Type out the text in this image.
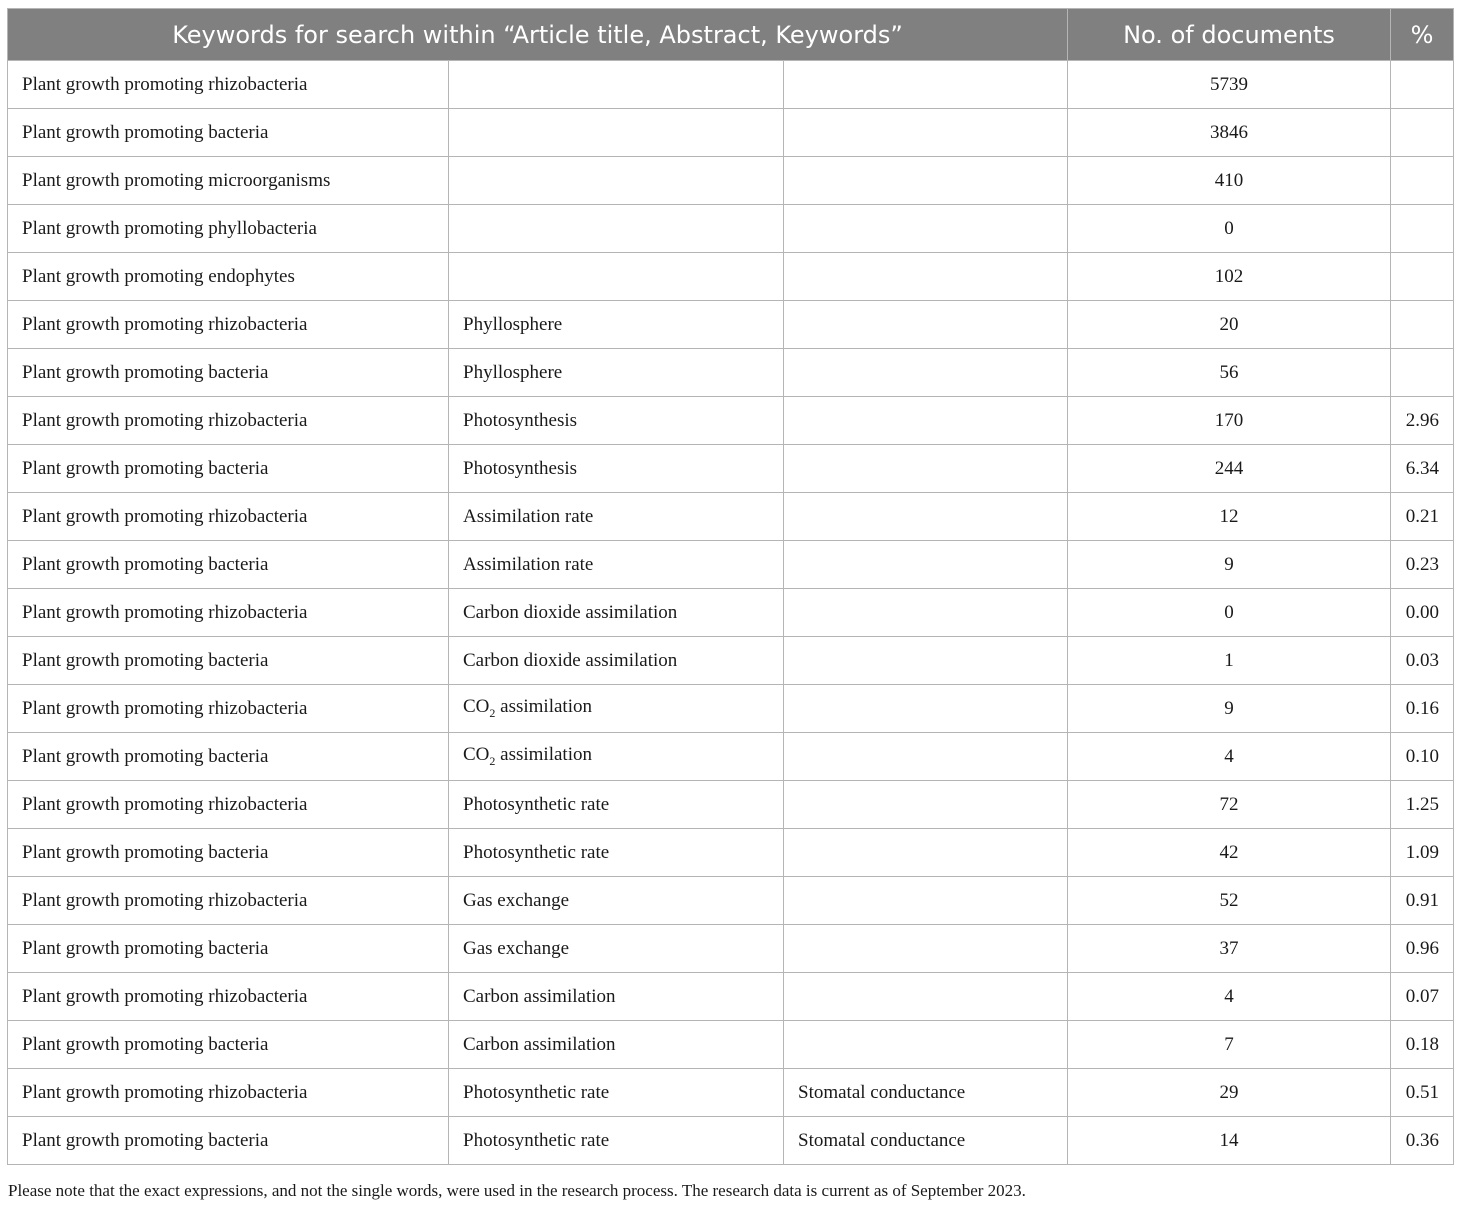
Keywords for search within “Article title, Abstract, Keywords”			No. of documents	%
Plant growth promoting rhizobacteria			5739	
Plant growth promoting bacteria			3846	
Plant growth promoting microorganisms			410	
Plant growth promoting phyllobacteria			0	
Plant growth promoting endophytes			102	
Plant growth promoting rhizobacteria	Phyllosphere		20	
Plant growth promoting bacteria	Phyllosphere		56	
Plant growth promoting rhizobacteria	Photosynthesis		170	2.96
Plant growth promoting bacteria	Photosynthesis		244	6.34
Plant growth promoting rhizobacteria	Assimilation rate		12	0.21
Plant growth promoting bacteria	Assimilation rate		9	0.23
Plant growth promoting rhizobacteria	Carbon dioxide assimilation		0	0.00
Plant growth promoting bacteria	Carbon dioxide assimilation		1	0.03
Plant growth promoting rhizobacteria	$CO_2$ assimilation		9	0.16
Plant growth promoting bacteria	$CO_2$ assimilation		4	0.10
Plant growth promoting rhizobacteria	Photosynthetic rate		72	1.25
Plant growth promoting bacteria	Photosynthetic rate		42	1.09
Plant growth promoting rhizobacteria	Gas exchange		52	0.91
Plant growth promoting bacteria	Gas exchange		37	0.96
Plant growth promoting rhizobacteria	Carbon assimilation		4	0.07
Plant growth promoting bacteria	Carbon assimilation		7	0.18
Plant growth promoting rhizobacteria	Photosynthetic rate	Stomatal conductance	29	0.51
Plant growth promoting bacteria	Photosynthetic rate	Stomatal conductance	14	0.36
Please note that the exact expressions, and not the single words, were used in the research process. The research data is current as of September 2023.
